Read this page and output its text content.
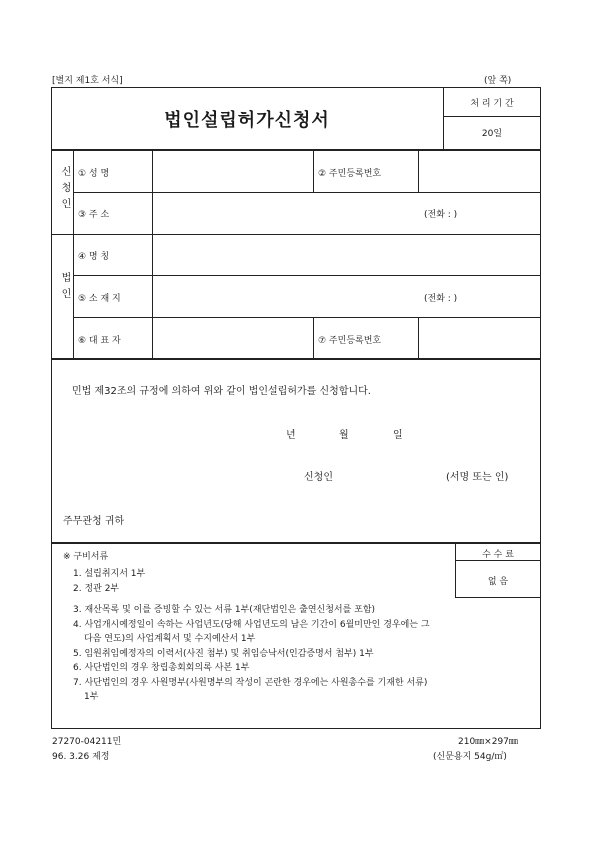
[별지 제1호 서식]	(앞 쪽)
법인설립허가신청서
처 리 기 간
20일
신청인 ① 성 명	② 주민등록번호
③ 주 소	(전화 : )
법인
④ 명 칭
⑤ 소 재 지	(전화 : )
⑥ 대 표 자	⑦ 주민등록번호
민법 제32조의 규정에 의하여 위와 같이 법인설립허가를 신청합니다.
년	월	일
신청인	(서명 또는 인)
주무관청 귀하
※ 구비서류
1. 설립취지서 1부
2. 정관 2부
3. 재산목록 및 이를 증빙할 수 있는 서류 1부(재단법인은 출연신청서를 포함)
4. 사업개시예정일이 속하는 사업년도(당해 사업년도의 남은 기간이 6월미만인 경우에는 그
다음 연도)의 사업계획서 및 수지예산서 1부
5. 임원취임예정자의 이력서(사진 첨부) 및 취임승낙서(인감증명서 첨부) 1부
6. 사단법인의 경우 창립총회회의록 사본 1부
7. 사단법인의 경우 사원명부(사원명부의 작성이 곤란한 경우에는 사원총수를 기재한 서류)
1부
수 수 료
없 음
27270-04211민
96. 3.26 제정
210㎜×297㎜
(신문용지 54g/㎡)
